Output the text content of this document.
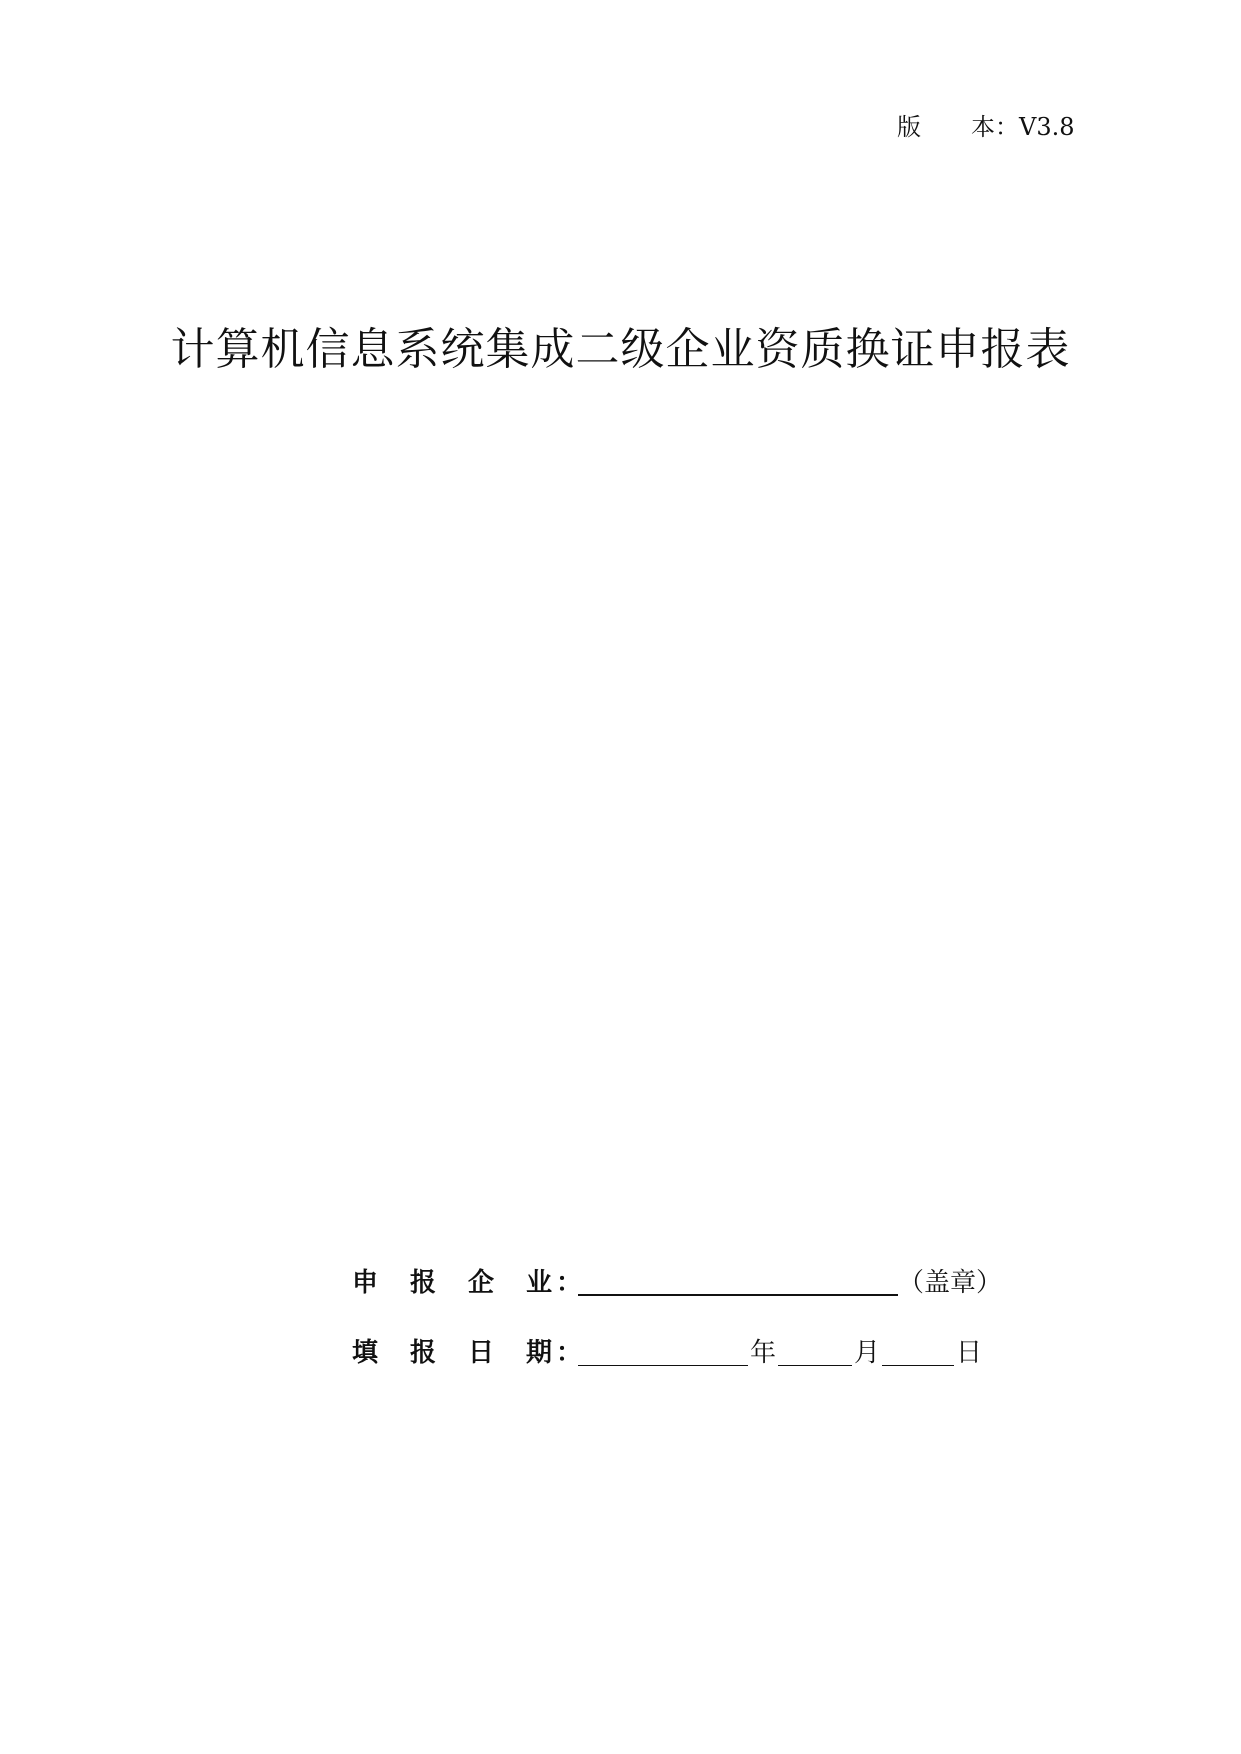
版 本：V3.8
计算机信息系统集成二级企业资质换证申报表
申	报	企	业 ：	（盖章）
填	报	日	期 ：	年	月	日
